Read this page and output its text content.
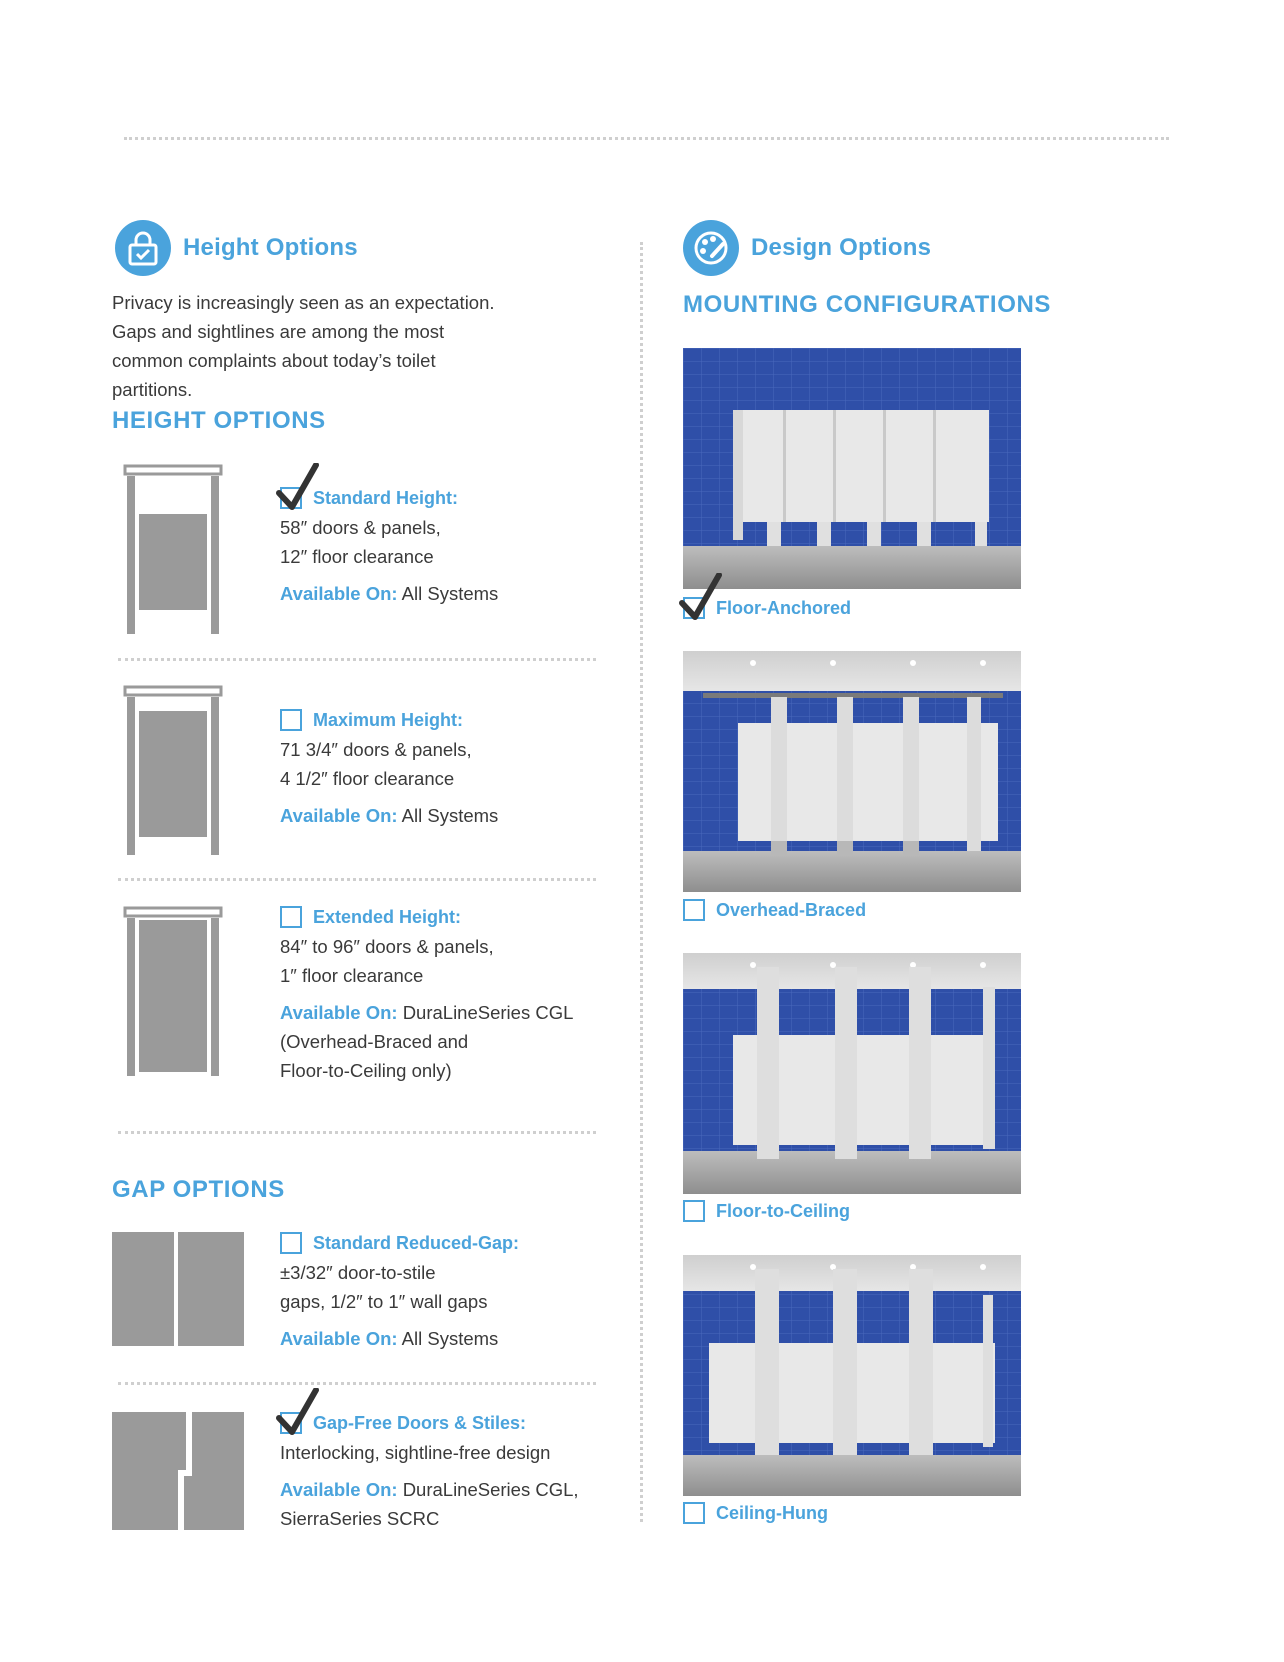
Height Options
Privacy is increasingly seen as an expectation.
Gaps and sightlines are among the most
common complaints about today’s toilet
partitions.
HEIGHT OPTIONS
Standard Height:
58″ doors & panels,
12″ floor clearance
Available On: All Systems
Maximum Height:
71 3/4″ doors & panels,
4 1/2″ floor clearance
Available On: All Systems
Extended Height:
84″ to 96″ doors & panels,
1″ floor clearance
Available On: DuraLineSeries CGL
(Overhead-Braced and
Floor-to-Ceiling only)
GAP OPTIONS
Standard Reduced-Gap:
±3/32″ door-to-stile
gaps, 1/2″ to 1″ wall gaps
Available On: All Systems
Gap-Free Doors & Stiles:
Interlocking, sightline-free design
Available On: DuraLineSeries CGL,
SierraSeries SCRC
Design Options
MOUNTING CONFIGURATIONS
Floor-Anchored
Overhead-Braced
Floor-to-Ceiling
Ceiling-Hung
